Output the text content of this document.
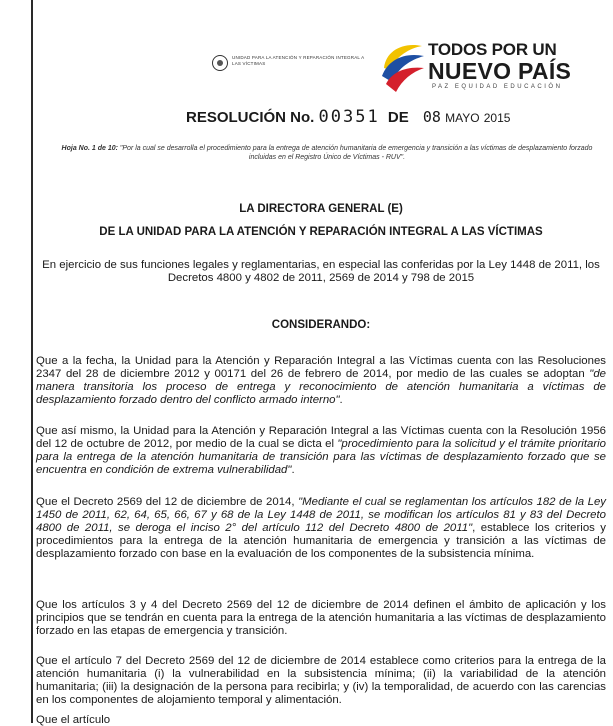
UNIDAD PARA LA ATENCIÓN Y REPARACIÓN INTEGRAL A LAS VÍCTIMAS
TODOS POR UN
NUEVO PAÍS
PAZ EQUIDAD EDUCACIÓN
RESOLUCIÓN No. 00351 DE 08 MAYO 2015
Hoja No. 1 de 10: "Por la cual se desarrolla el procedimiento para la entrega de atención humanitaria de emergencia y transición a las víctimas de desplazamiento forzado incluidas en el Registro Único de Víctimas - RUV".
LA DIRECTORA GENERAL (E)
DE LA UNIDAD PARA LA ATENCIÓN Y REPARACIÓN INTEGRAL A LAS VÍCTIMAS
En ejercicio de sus funciones legales y reglamentarias, en especial las conferidas por la Ley 1448 de 2011, los Decretos 4800 y 4802 de 2011, 2569 de 2014 y 798 de 2015
CONSIDERANDO:
Que a la fecha, la Unidad para la Atención y Reparación Integral a las Víctimas cuenta con las Resoluciones 2347 del 28 de diciembre 2012 y 00171 del 26 de febrero de 2014, por medio de las cuales se adoptan "de manera transitoria los proceso de entrega y reconocimiento de atención humanitaria a víctimas de desplazamiento forzado dentro del conflicto armado interno".
Que así mismo, la Unidad para la Atención y Reparación Integral a las Víctimas cuenta con la Resolución 1956 del 12 de octubre de 2012, por medio de la cual se dicta el "procedimiento para la solicitud y el trámite prioritario para la entrega de la atención humanitaria de transición para las víctimas de desplazamiento forzado que se encuentra en condición de extrema vulnerabilidad".
Que el Decreto 2569 del 12 de diciembre de 2014, "Mediante el cual se reglamentan los artículos 182 de la Ley 1450 de 2011, 62, 64, 65, 66, 67 y 68 de la Ley 1448 de 2011, se modifican los artículos 81 y 83 del Decreto 4800 de 2011, se deroga el inciso 2° del artículo 112 del Decreto 4800 de 2011", establece los criterios y procedimientos para la entrega de la atención humanitaria de emergencia y transición a las víctimas de desplazamiento forzado con base en la evaluación de los componentes de la subsistencia mínima.
Que los artículos 3 y 4 del Decreto 2569 del 12 de diciembre de 2014 definen el ámbito de aplicación y los principios que se tendrán en cuenta para la entrega de la atención humanitaria a las víctimas de desplazamiento forzado en las etapas de emergencia y transición.
Que el artículo 7 del Decreto 2569 del 12 de diciembre de 2014 establece como criterios para la entrega de la atención humanitaria (i) la vulnerabilidad en la subsistencia mínima; (ii) la variabilidad de la atención humanitaria; (iii) la designación de la persona para recibirla; y (iv) la temporalidad, de acuerdo con las carencias en los componentes de alojamiento temporal y alimentación.
Que el artículo
